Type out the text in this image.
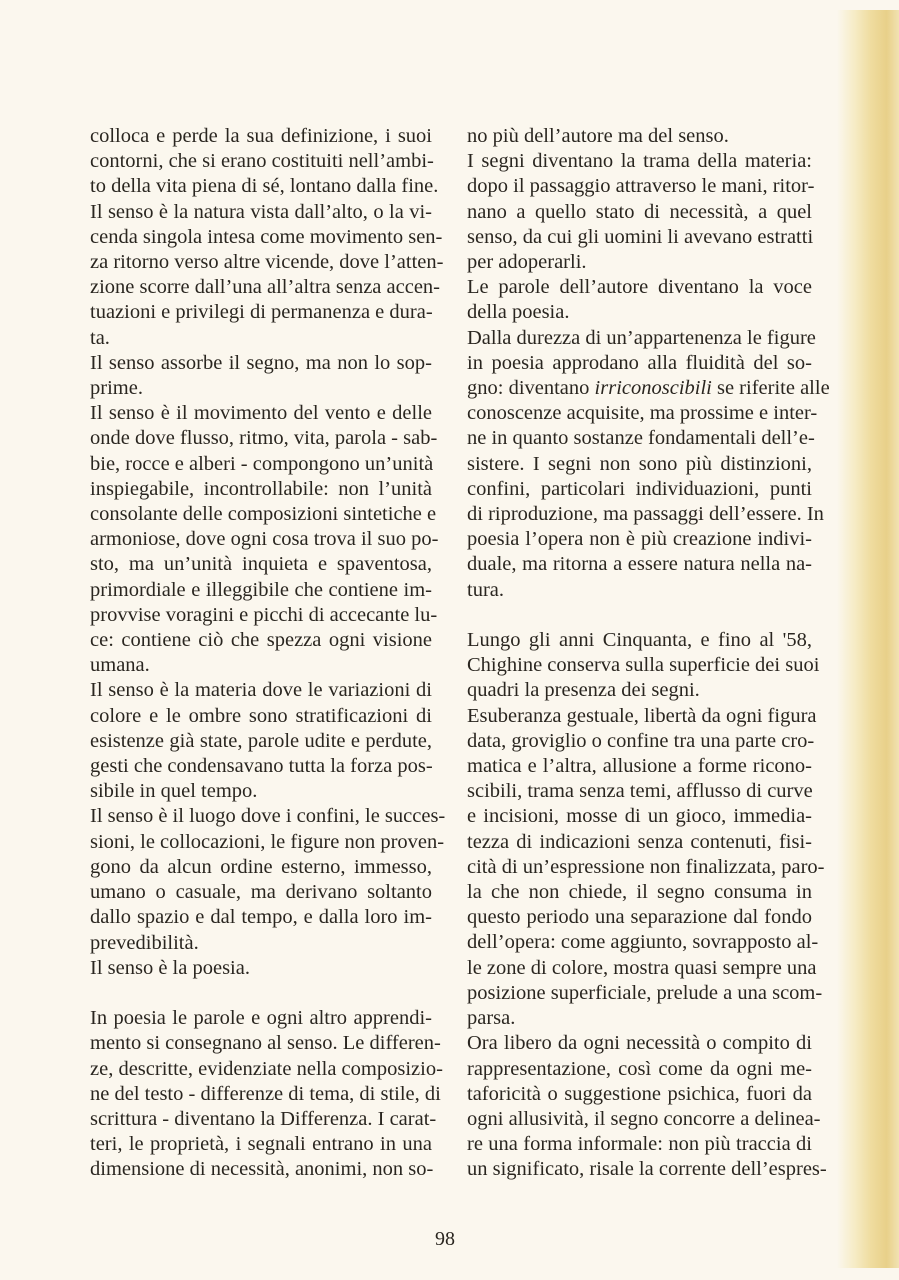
colloca e perde la sua definizione, i suoi
contorni, che si erano costituiti nell’ambi-
to della vita piena di sé, lontano dalla fine.
Il senso è la natura vista dall’alto, o la vi-
cenda singola intesa come movimento sen-
za ritorno verso altre vicende, dove l’atten-
zione scorre dall’una all’altra senza accen-
tuazioni e privilegi di permanenza e dura-
ta.
Il senso assorbe il segno, ma non lo sop-
prime.
Il senso è il movimento del vento e delle
onde dove flusso, ritmo, vita, parola - sab-
bie, rocce e alberi - compongono un’unità
inspiegabile, incontrollabile: non l’unità
consolante delle composizioni sintetiche e
armoniose, dove ogni cosa trova il suo po-
sto, ma un’unità inquieta e spaventosa,
primordiale e illeggibile che contiene im-
provvise voragini e picchi di accecante lu-
ce: contiene ciò che spezza ogni visione
umana.
Il senso è la materia dove le variazioni di
colore e le ombre sono stratificazioni di
esistenze già state, parole udite e perdute,
gesti che condensavano tutta la forza pos-
sibile in quel tempo.
Il senso è il luogo dove i confini, le succes-
sioni, le collocazioni, le figure non proven-
gono da alcun ordine esterno, immesso,
umano o casuale, ma derivano soltanto
dallo spazio e dal tempo, e dalla loro im-
prevedibilità.
Il senso è la poesia.
In poesia le parole e ogni altro apprendi-
mento si consegnano al senso. Le differen-
ze, descritte, evidenziate nella composizio-
ne del testo - differenze di tema, di stile, di
scrittura - diventano la Differenza. I carat-
teri, le proprietà, i segnali entrano in una
dimensione di necessità, anonimi, non so-
no più dell’autore ma del senso.
I segni diventano la trama della materia:
dopo il passaggio attraverso le mani, ritor-
nano a quello stato di necessità, a quel
senso, da cui gli uomini li avevano estratti
per adoperarli.
Le parole dell’autore diventano la voce
della poesia.
Dalla durezza di un’appartenenza le figure
in poesia approdano alla fluidità del so-
gno: diventano irriconoscibili se riferite alle
conoscenze acquisite, ma prossime e inter-
ne in quanto sostanze fondamentali dell’e-
sistere. I segni non sono più distinzioni,
confini, particolari individuazioni, punti
di riproduzione, ma passaggi dell’essere. In
poesia l’opera non è più creazione indivi-
duale, ma ritorna a essere natura nella na-
tura.
Lungo gli anni Cinquanta, e fino al '58,
Chighine conserva sulla superficie dei suoi
quadri la presenza dei segni.
Esuberanza gestuale, libertà da ogni figura
data, groviglio o confine tra una parte cro-
matica e l’altra, allusione a forme ricono-
scibili, trama senza temi, afflusso di curve
e incisioni, mosse di un gioco, immedia-
tezza di indicazioni senza contenuti, fisi-
cità di un’espressione non finalizzata, paro-
la che non chiede, il segno consuma in
questo periodo una separazione dal fondo
dell’opera: come aggiunto, sovrapposto al-
le zone di colore, mostra quasi sempre una
posizione superficiale, prelude a una scom-
parsa.
Ora libero da ogni necessità o compito di
rappresentazione, così come da ogni me-
taforicità o suggestione psichica, fuori da
ogni allusività, il segno concorre a delinea-
re una forma informale: non più traccia di
un significato, risale la corrente dell’espres-
98
